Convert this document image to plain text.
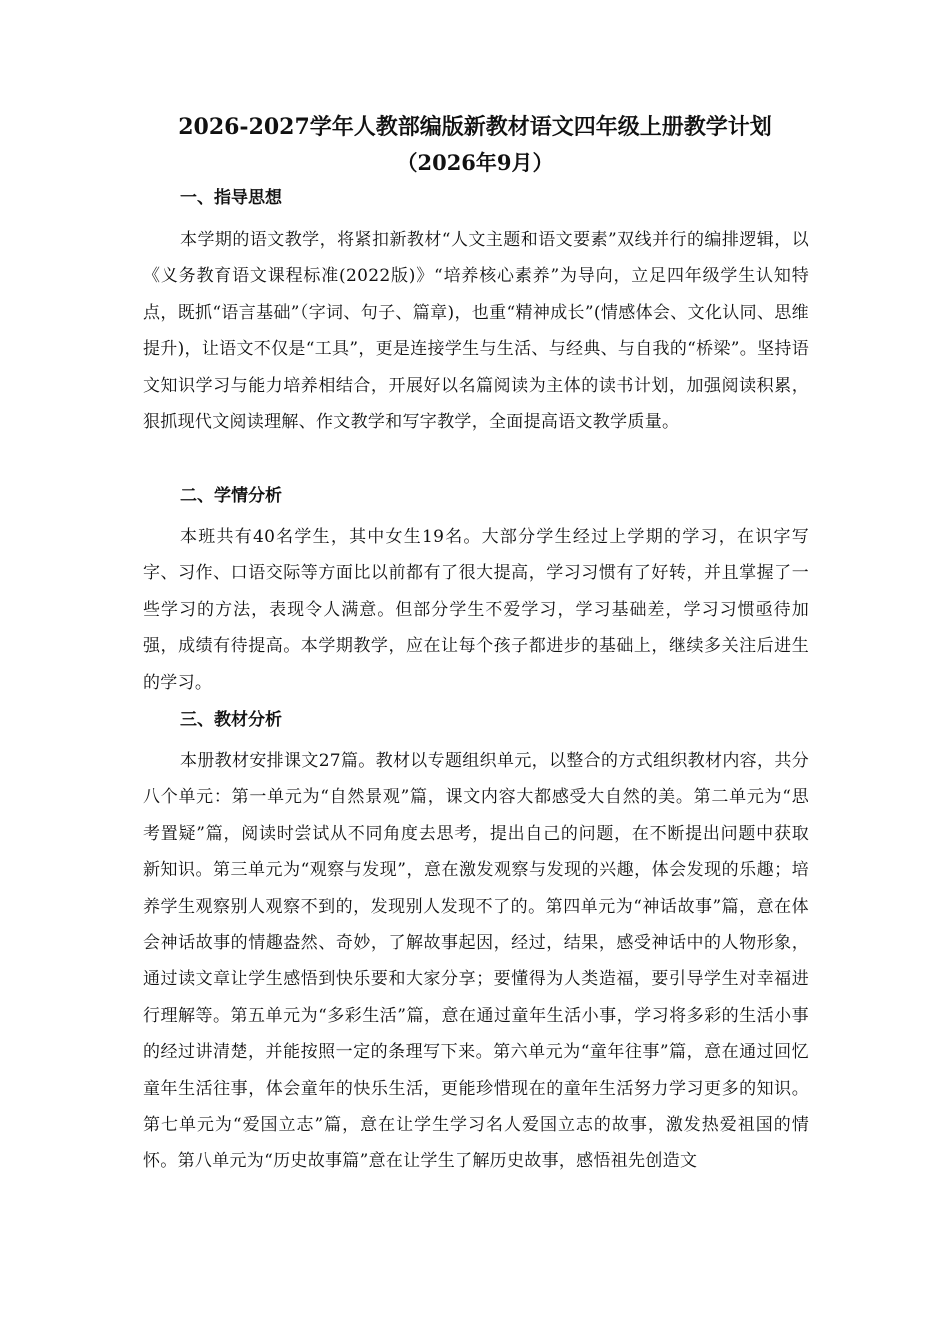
2026-2027学年人教部编版新教材语文四年级上册教学计划
（2026年9月）
一、指导思想

本学期的语文教学，将紧扣新教材“人文主题和语文要素”双线并行的编排逻辑，以《义务教育语文课程标准(2022版)》“培养核心素养”为导向，立足四年级学生认知特点，既抓“语言基础”（字词、句子、篇章)，也重“精神成长”(情感体会、文化认同、思维提升)，让语文不仅是“工具”，更是连接学生与生活、与经典、与自我的“桥梁”。坚持语文知识学习与能力培养相结合，开展好以名篇阅读为主体的读书计划，加强阅读积累，狠抓现代文阅读理解、作文教学和写字教学，全面提高语文教学质量。

二、学情分析

本班共有40名学生，其中女生19名。大部分学生经过上学期的学习，在识字写字、习作、口语交际等方面比以前都有了很大提高，学习习惯有了好转，并且掌握了一些学习的方法，表现令人满意。但部分学生不爱学习，学习基础差，学习习惯亟待加强，成绩有待提高。本学期教学，应在让每个孩子都进步的基础上，继续多关注后进生的学习。

三、教材分析

本册教材安排课文27篇。教材以专题组织单元，以整合的方式组织教材内容，共分八个单元：第一单元为“自然景观”篇，课文内容大都感受大自然的美。第二单元为“思考置疑”篇，阅读时尝试从不同角度去思考，提出自己的问题，在不断提出问题中获取新知识。第三单元为“观察与发现”，意在激发观察与发现的兴趣，体会发现的乐趣；培养学生观察别人观察不到的，发现别人发现不了的。第四单元为“神话故事”篇，意在体会神话故事的情趣盎然、奇妙，了解故事起因，经过，结果，感受神话中的人物形象，通过读文章让学生感悟到快乐要和大家分享；要懂得为人类造福，要引导学生对幸福进行理解等。第五单元为“多彩生活”篇，意在通过童年生活小事，学习将多彩的生活小事的经过讲清楚，并能按照一定的条理写下来。第六单元为“童年往事”篇，意在通过回忆童年生活往事，体会童年的快乐生活，更能珍惜现在的童年生活努力学习更多的知识。第七单元为“爱国立志”篇，意在让学生学习名人爱国立志的故事，激发热爱祖国的情怀。第八单元为“历史故事篇”意在让学生了解历史故事，感悟祖先创造文
